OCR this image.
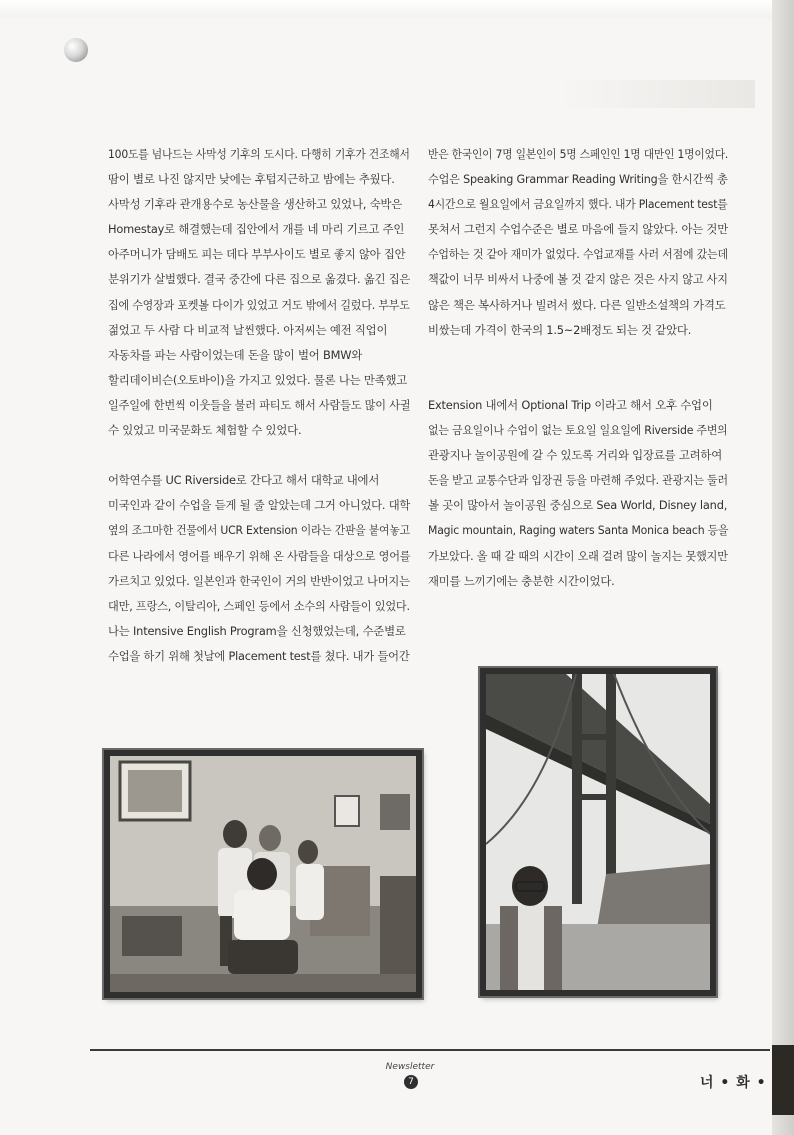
100도를 넘나드는 사막성 기후의 도시다. 다행히 기후가 건조해서

땀이 별로 나진 않지만 낮에는 후텁지근하고 밤에는 추웠다.

사막성 기후라 관개용수로 농산물을 생산하고 있었나, 숙박은

Homestay로 해결했는데 집안에서 개를 네 마리 기르고 주인

아주머니가 담배도 피는 데다 부부사이도 별로 좋지 않아 집안

분위기가 살벌했다. 결국 중간에 다른 집으로 옮겼다. 옮긴 집은

집에 수영장과 포켓볼 다이가 있었고 거도 밖에서 길렀다. 부부도

젊었고 두 사람 다 비교적 날씬했다. 아저씨는 예전 직업이

자동차를 파는 사람이었는데 돈을 많이 벌어 BMW와

할리데이비슨(오토바이)을 가지고 있었다. 물론 나는 만족했고

일주일에 한번씩 이웃들을 불러 파티도 해서 사람들도 많이 사귈

수 있었고 미국문화도 체험할 수 있었다.

어학연수를 UC Riverside로 간다고 해서 대학교 내에서

미국인과 같이 수업을 듣게 될 줄 알았는데 그거 아니었다. 대학

옆의 조그마한 건물에서 UCR Extension 이라는 간판을 붙여놓고

다른 나라에서 영어를 배우기 위해 온 사람들을 대상으로 영어를

가르치고 있었다. 일본인과 한국인이 거의 반반이었고 나머지는

대만, 프랑스, 이탈리아, 스페인 등에서 소수의 사람들이 있었다.

나는 Intensive English Program을 신청했었는데, 수준별로

수업을 하기 위해 첫날에 Placement test를 쳤다. 내가 들어간

반은 한국인이 7명 일본인이 5명 스페인인 1명 대만인 1명이었다.

수업은 Speaking Grammar Reading Writing을 한시간씩 총

4시간으로 월요일에서 금요일까지 했다. 내가 Placement test를

못쳐서 그런지 수업수준은 별로 마음에 들지 않았다. 아는 것만

수업하는 것 같아 재미가 없었다. 수업교재를 사러 서점에 갔는데

책값이 너무 비싸서 나중에 볼 것 같지 않은 것은 사지 않고 사지

않은 책은 복사하거나 빌려서 썼다. 다른 일반소설책의 가격도

비쌌는데 가격이 한국의 1.5~2배정도 되는 것 같았다.

Extension 내에서 Optional Trip 이라고 해서 오후 수업이

없는 금요일이나 수업이 없는 토요일 일요일에 Riverside 주변의

관광지나 놀이공원에 갈 수 있도록 거리와 입장료를 고려하여

돈을 받고 교통수단과 입장권 등을 마련해 주었다. 관광지는 둘러

볼 곳이 많아서 놀이공원 중심으로 Sea World, Disney land,

Magic mountain, Raging waters Santa Monica beach 등을

가보았다. 올 때 갈 때의 시간이 오래 걸려 많이 놀지는 못했지만

재미를 느끼기에는 충분한 시간이었다.

Newsletter
7	너 • 화 •
